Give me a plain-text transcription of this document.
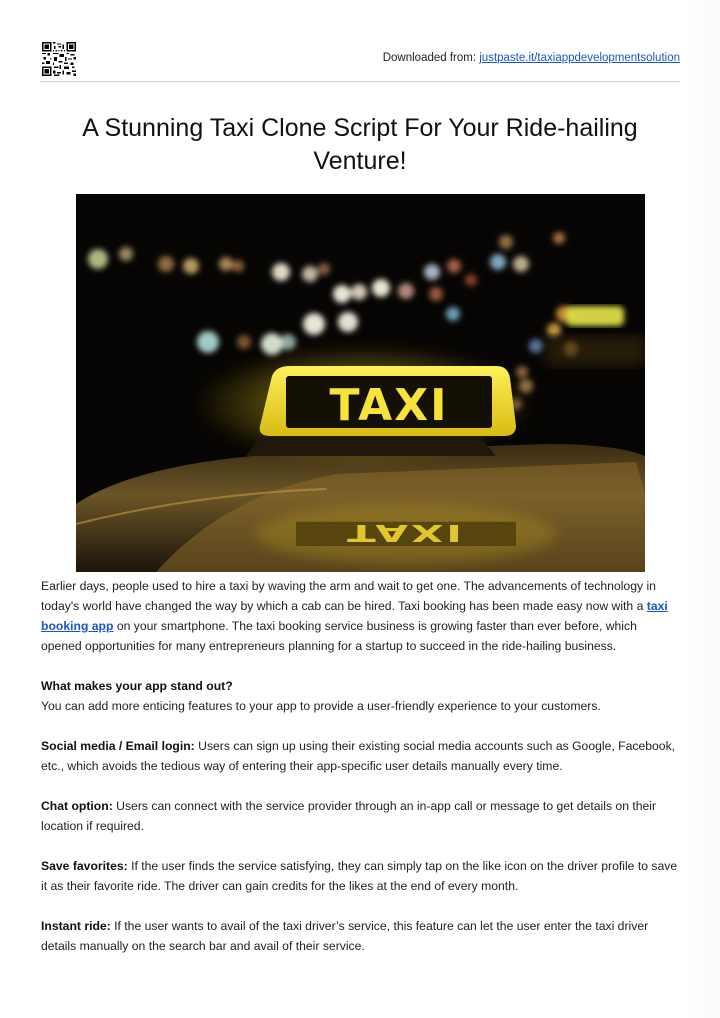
Downloaded from: justpaste.it/taxiappdevelopmentsolution
A Stunning Taxi Clone Script For Your Ride-hailing Venture!
TAXI
TAXI

Earlier days, people used to hire a taxi by waving the arm and wait to get one. The advancements of technology in today's world have changed the way by which a cab can be hired. Taxi booking has been made easy now with a taxi booking app on your smartphone. The taxi booking service business is growing faster than ever before, which opened opportunities for many entrepreneurs planning for a startup to succeed in the ride-hailing business.

What makes your app stand out?
You can add more enticing features to your app to provide a user-friendly experience to your customers.

Social media / Email login: Users can sign up using their existing social media accounts such as Google, Facebook, etc., which avoids the tedious way of entering their app-specific user details manually every time.

Chat option: Users can connect with the service provider through an in-app call or message to get details on their location if required.

Save favorites: If the user finds the service satisfying, they can simply tap on the like icon on the driver profile to save it as their favorite ride. The driver can gain credits for the likes at the end of every month.

Instant ride: If the user wants to avail of the taxi driver’s service, this feature can let the user enter the taxi driver details manually on the search bar and avail of their service.
